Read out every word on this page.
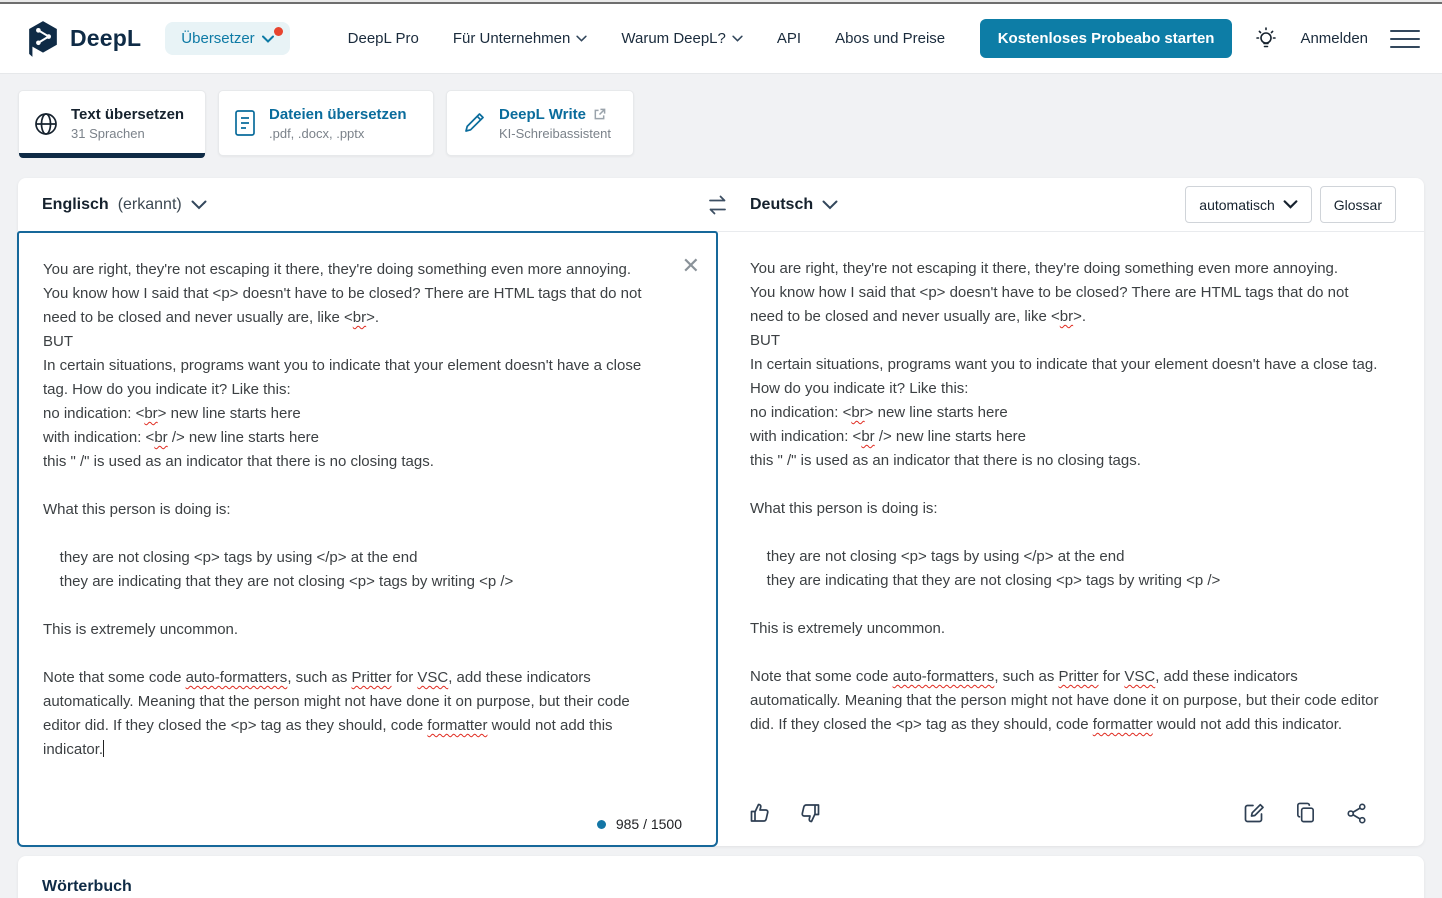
DeepL	Übersetzer	DeepL Pro Für Unternehmen	Warum DeepL?	API Abos und Preise	Kostenloses Probeabo starten	Anmelden
Text übersetzen
31 Sprachen
Dateien übersetzen
.pdf, .docx, .pptx
DeepL Write
KI-Schreibassistent
Englisch (erkannt)	Deutsch	automatisch	Glossar
You are right, they're not escaping it there, they're doing something even more annoying.
You know how I said that <p> doesn't have to be closed? There are HTML tags that do not need to be closed and never usually are, like <br>.
BUT
In certain situations, programs want you to indicate that your element doesn't have a close tag. How do you indicate it? Like this:
no indication: <br> new line starts here
with indication: <br /> new line starts here
this " /" is used as an indicator that there is no closing tags.
What this person is doing is:
they are not closing <p> tags by using </p> at the end
they are indicating that they are not closing <p> tags by writing <p />
This is extremely uncommon.
Note that some code auto-formatters, such as Pritter for VSC, add these indicators automatically. Meaning that the person might not have done it on purpose, but their code editor did. If they closed the <p> tag as they should, code formatter would not add this indicator.
✕
985 / 1500
You are right, they're not escaping it there, they're doing something even more annoying.
You know how I said that <p> doesn't have to be closed? There are HTML tags that do not need to be closed and never usually are, like <br>.
BUT
In certain situations, programs want you to indicate that your element doesn't have a close tag. How do you indicate it? Like this:
no indication: <br> new line starts here
with indication: <br /> new line starts here
this " /" is used as an indicator that there is no closing tags.
What this person is doing is:
they are not closing <p> tags by using </p> at the end
they are indicating that they are not closing <p> tags by writing <p />
This is extremely uncommon.
Note that some code auto-formatters, such as Pritter for VSC, add these indicators automatically. Meaning that the person might not have done it on purpose, but their code editor did. If they closed the <p> tag as they should, code formatter would not add this indicator.
Wörterbuch
